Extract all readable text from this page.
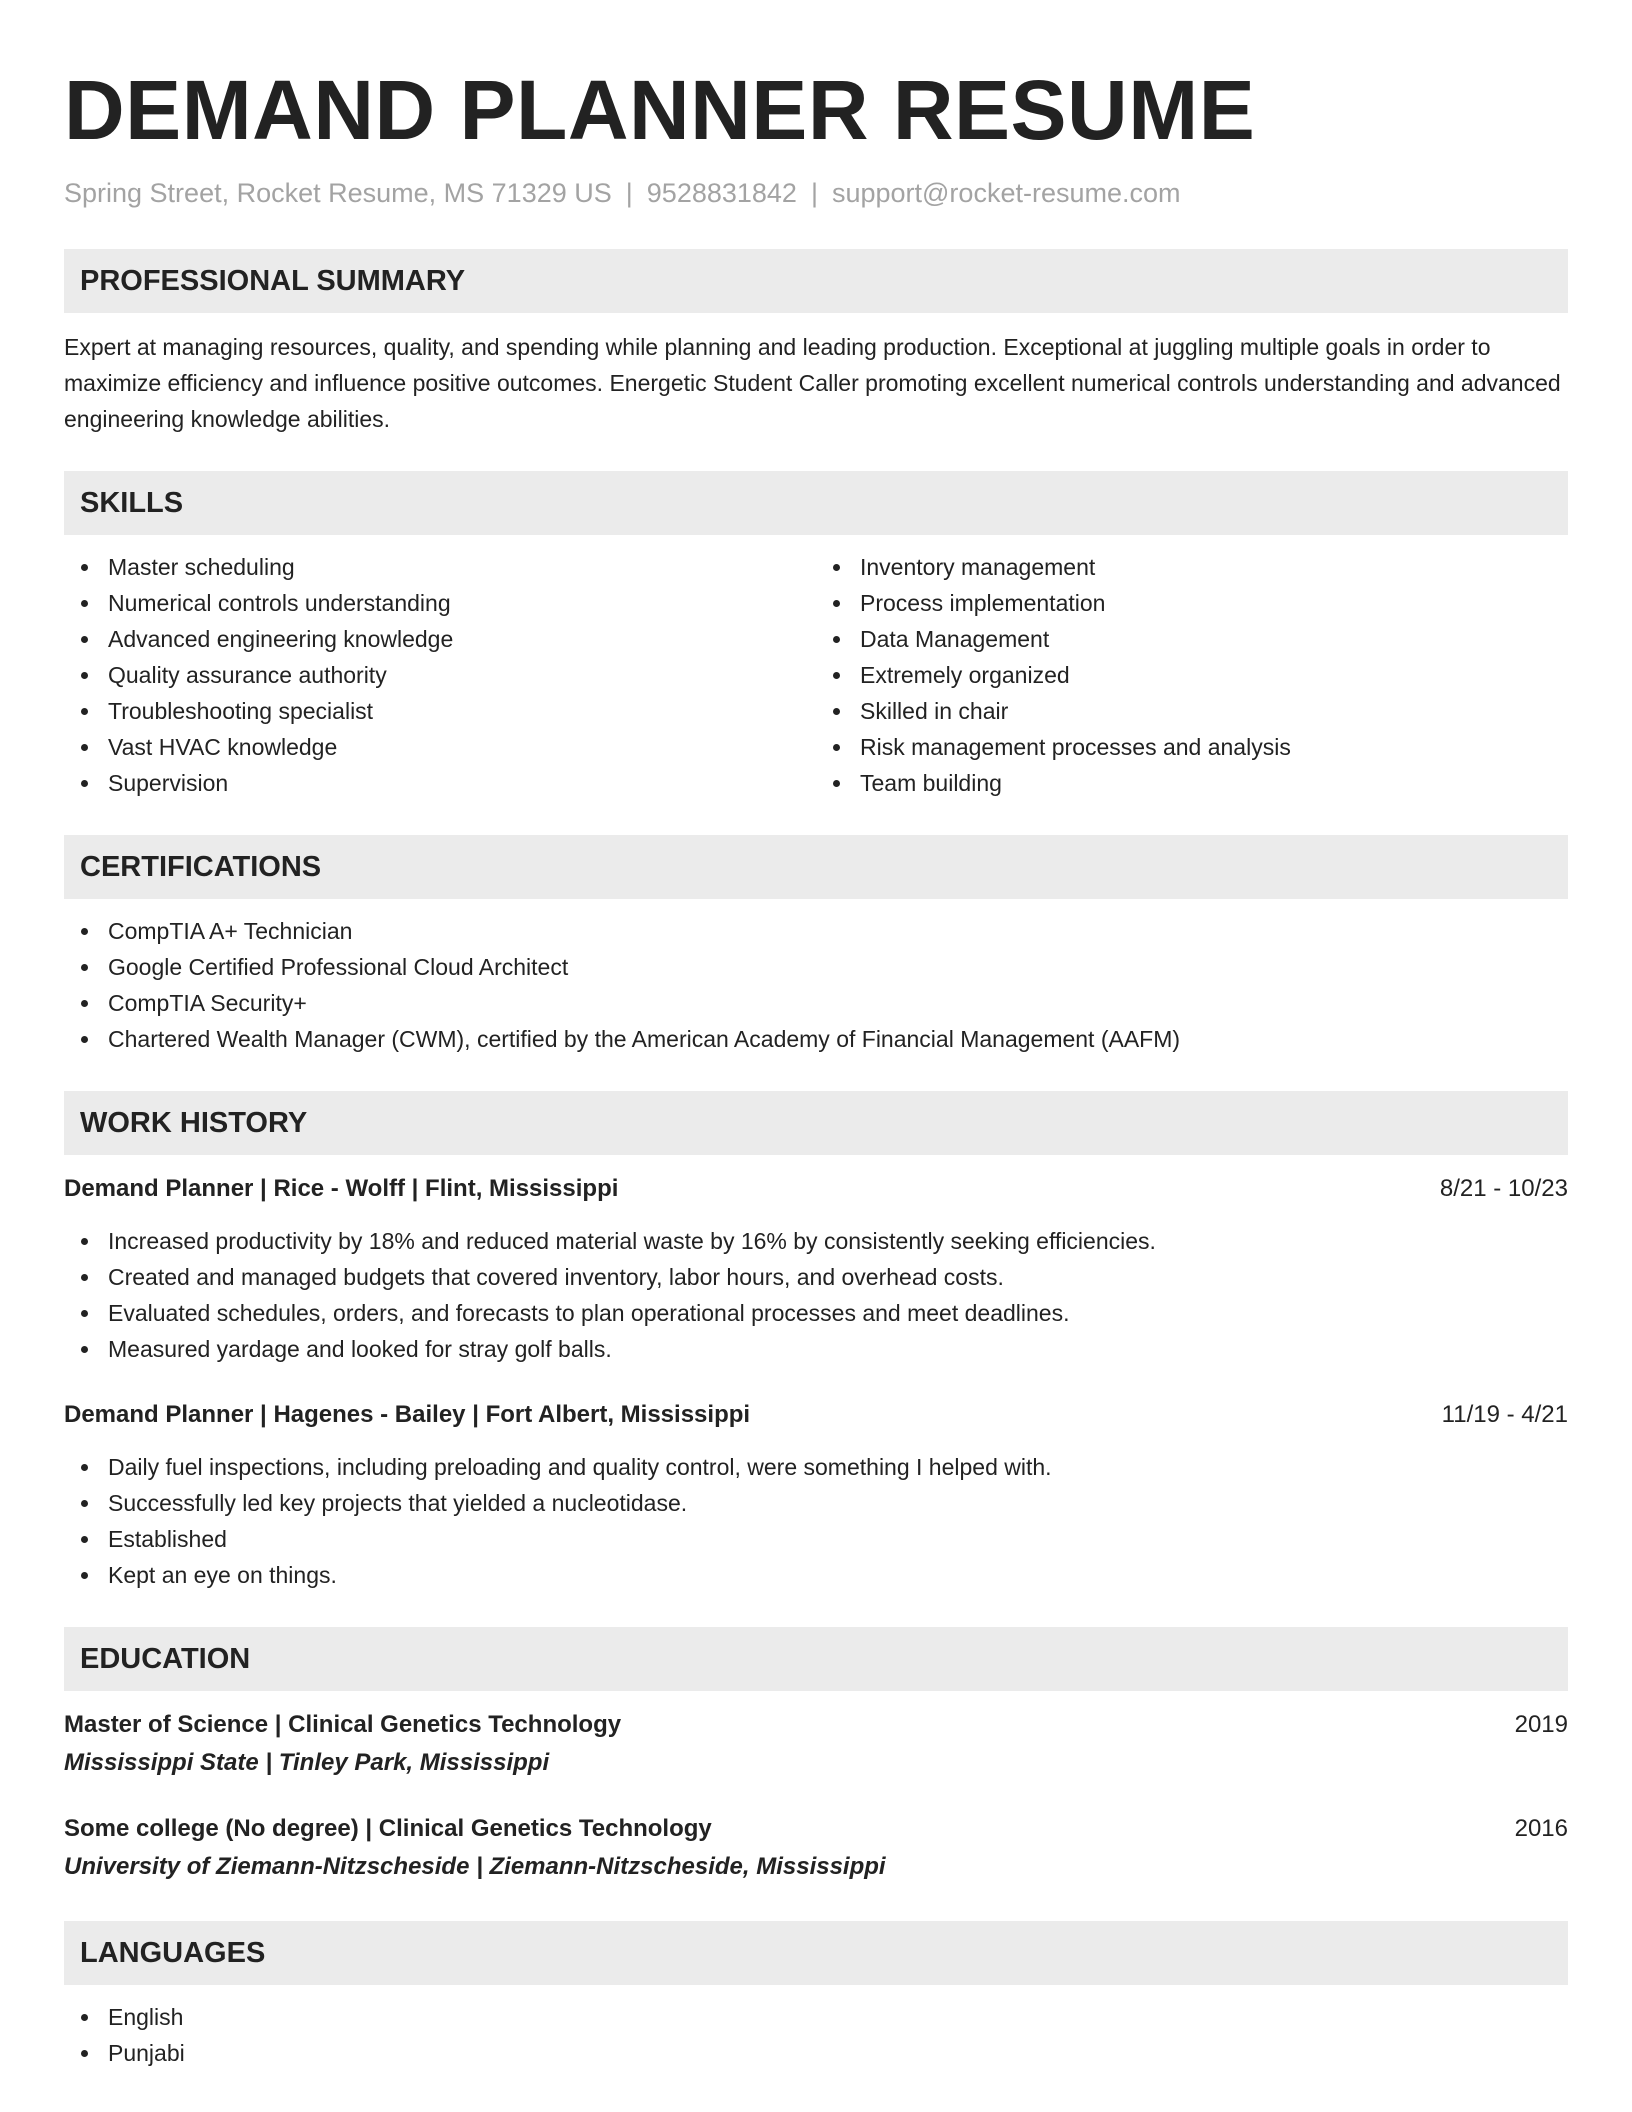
DEMAND PLANNER RESUME
Spring Street, Rocket Resume, MS 71329 US | 9528831842 | support@rocket-resume.com
PROFESSIONAL SUMMARY
Expert at managing resources, quality, and spending while planning and leading production. Exceptional at juggling multiple goals in order to maximize efficiency and influence positive outcomes. Energetic Student Caller promoting excellent numerical controls understanding and advanced engineering knowledge abilities.
SKILLS
Master scheduling
Numerical controls understanding
Advanced engineering knowledge
Quality assurance authority
Troubleshooting specialist
Vast HVAC knowledge
Supervision
Inventory management
Process implementation
Data Management
Extremely organized
Skilled in chair
Risk management processes and analysis
Team building
CERTIFICATIONS
CompTIA A+ Technician
Google Certified Professional Cloud Architect
CompTIA Security+
Chartered Wealth Manager (CWM), certified by the American Academy of Financial Management (AAFM)
WORK HISTORY
Demand Planner | Rice - Wolff | Flint, Mississippi	8/21 - 10/23
Increased productivity by 18% and reduced material waste by 16% by consistently seeking efficiencies.
Created and managed budgets that covered inventory, labor hours, and overhead costs.
Evaluated schedules, orders, and forecasts to plan operational processes and meet deadlines.
Measured yardage and looked for stray golf balls.
Demand Planner | Hagenes - Bailey | Fort Albert, Mississippi	11/19 - 4/21
Daily fuel inspections, including preloading and quality control, were something I helped with.
Successfully led key projects that yielded a nucleotidase.
Established
Kept an eye on things.
EDUCATION
Master of Science | Clinical Genetics Technology	2019
Mississippi State | Tinley Park, Mississippi
Some college (No degree) | Clinical Genetics Technology	2016
University of Ziemann-Nitzscheside | Ziemann-Nitzscheside, Mississippi
LANGUAGES
English
Punjabi
